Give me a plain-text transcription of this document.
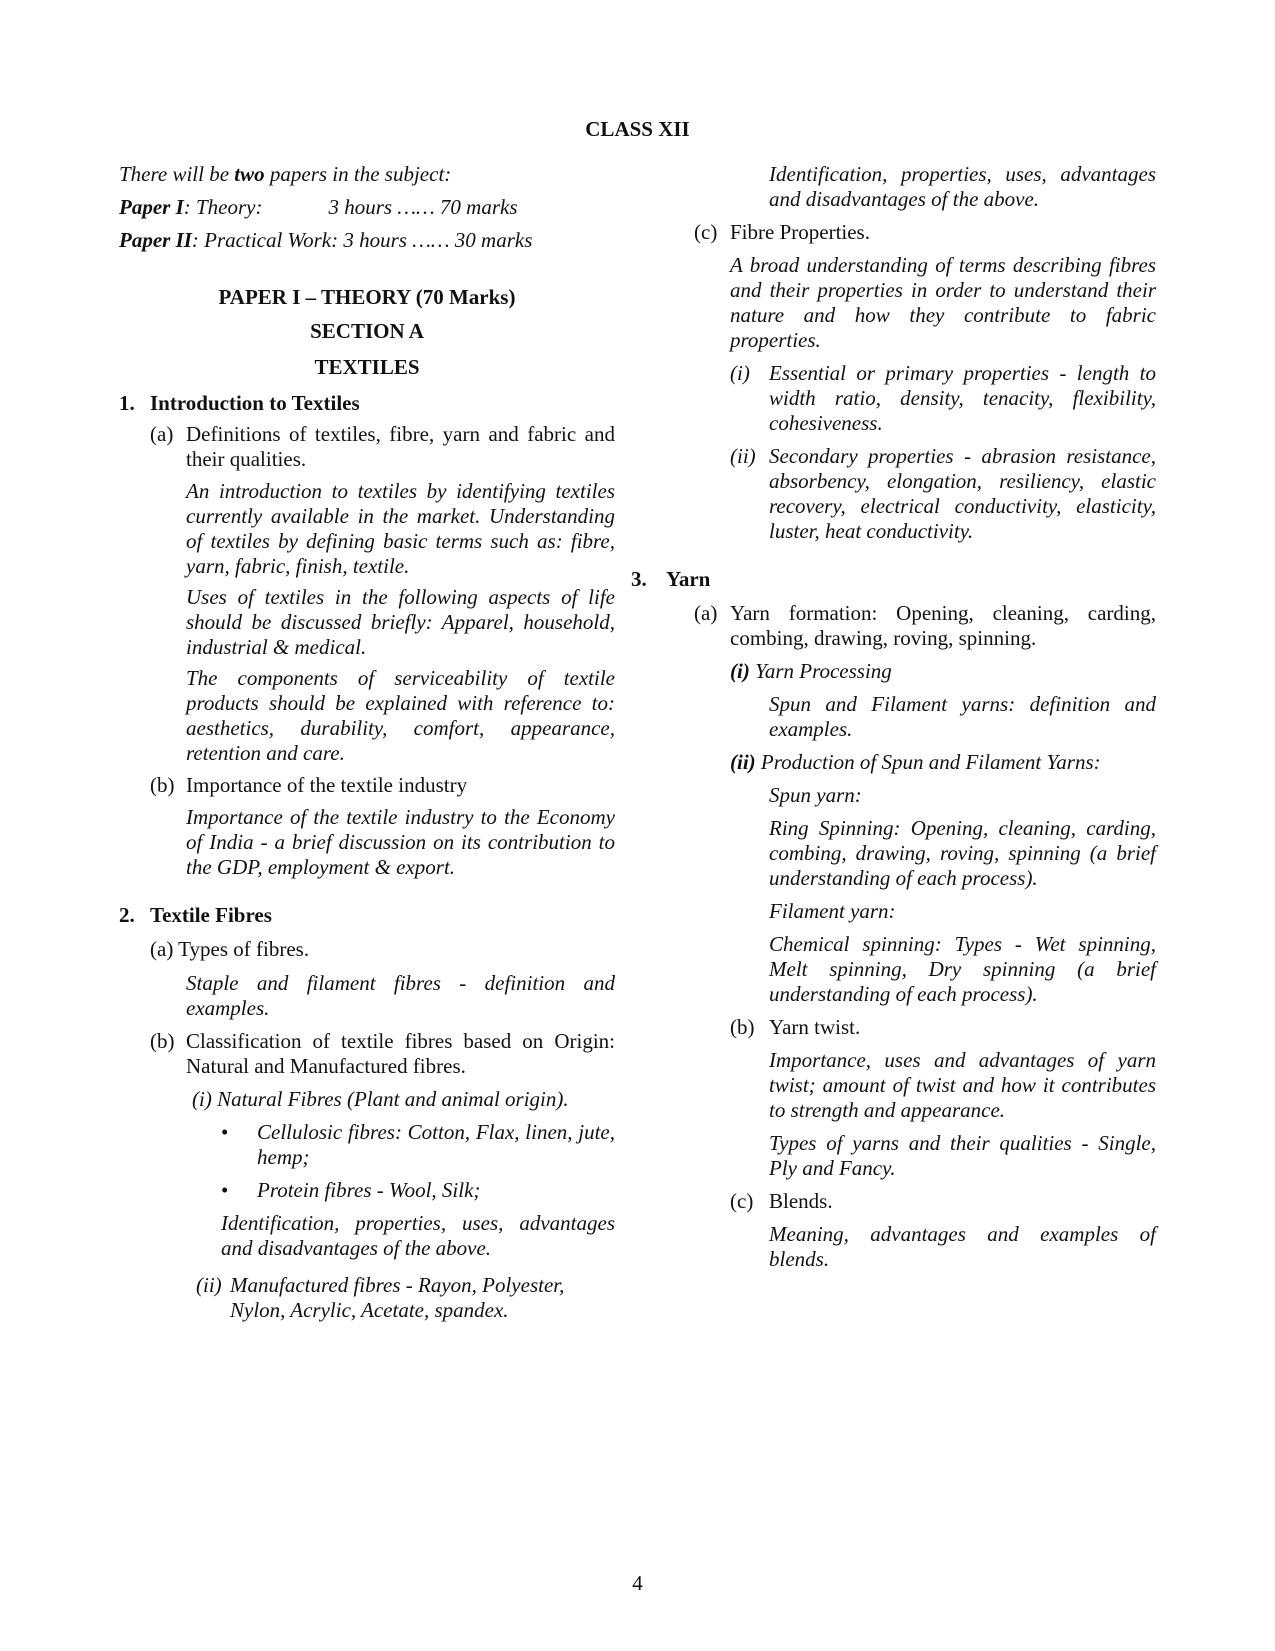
CLASS XII

There will be two papers in the subject:

Paper I: Theory:	3 hours …… 70 marks

Paper II: Practical Work: 3 hours …… 30 marks

PAPER I – THEORY (70 Marks)

SECTION A

TEXTILES

1. Introduction to Textiles
(a) Definitions of textiles, fibre, yarn and fabric and their qualities.

An introduction to textiles by identifying textiles currently available in the market. Understanding of textiles by defining basic terms such as: fibre, yarn, fabric, finish, textile.

Uses of textiles in the following aspects of life should be discussed briefly: Apparel, household, industrial & medical.

The components of serviceability of textile products should be explained with reference to: aesthetics, durability, comfort, appearance, retention and care.

(b) Importance of the textile industry

Importance of the textile industry to the Economy of India - a brief discussion on its contribution to the GDP, employment & export.

2. Textile Fibres

(a) Types of fibres.

Staple and filament fibres - definition and examples.

(b) Classification of textile fibres based on Origin: Natural and Manufactured fibres.

(i) Natural Fibres (Plant and animal origin).

•	Cellulosic fibres: Cotton, Flax, linen, jute, hemp;
•	Protein fibres - Wool, Silk;

Identification, properties, uses, advantages and disadvantages of the above.

(ii) Manufactured fibres - Rayon, Polyester, Nylon, Acrylic, Acetate, spandex.

Identification, properties, uses, advantages and disadvantages of the above.

(c) Fibre Properties.

A broad understanding of terms describing fibres and their properties in order to understand their nature and how they contribute to fabric properties.

(i) Essential or primary properties - length to width ratio, density, tenacity, flexibility, cohesiveness.
(ii) Secondary properties - abrasion resistance, absorbency, elongation, resiliency, elastic recovery, electrical conductivity, elasticity, luster, heat conductivity.
3. Yarn
(a) Yarn formation: Opening, cleaning, carding, combing, drawing, roving, spinning.

(i) Yarn Processing

Spun and Filament yarns: definition and examples.

(ii) Production of Spun and Filament Yarns:

Spun yarn:

Ring Spinning: Opening, cleaning, carding, combing, drawing, roving, spinning (a brief understanding of each process).

Filament yarn:

Chemical spinning: Types - Wet spinning, Melt spinning, Dry spinning (a brief understanding of each process).

(b) Yarn twist.

Importance, uses and advantages of yarn twist; amount of twist and how it contributes to strength and appearance.

Types of yarns and their qualities - Single, Ply and Fancy.

(c) Blends.

Meaning, advantages and examples of blends.

4
